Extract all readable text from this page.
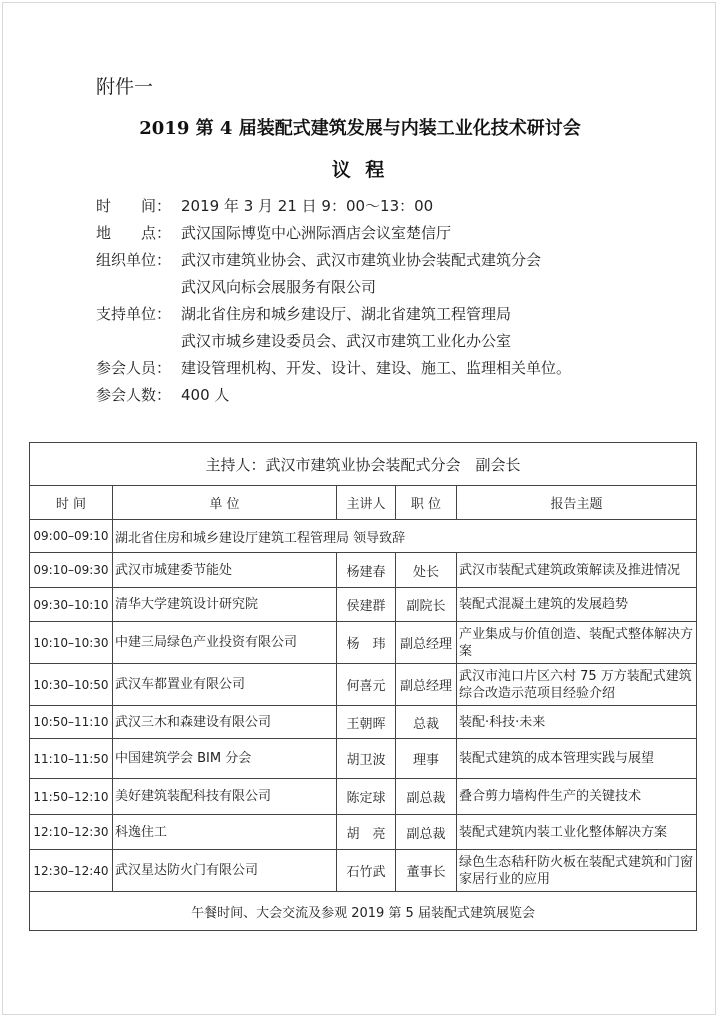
附件一
2019 第 4 届装配式建筑发展与内装工业化技术研讨会
议 程
时　　间： 2019 年 3 月 21 日 9：00～13：00
地　　点： 武汉国际博览中心洲际酒店会议室楚信厅
组织单位： 武汉市建筑业协会、武汉市建筑业协会装配式建筑分会
武汉风向标会展服务有限公司
支持单位： 湖北省住房和城乡建设厅、湖北省建筑工程管理局
武汉市城乡建设委员会、武汉市建筑工业化办公室
参会人员： 建设管理机构、开发、设计、建设、施工、监理相关单位。
参会人数： 400 人
主持人：武汉市建筑业协会装配式分会　副会长				
时 间	单 位	主讲人	职 位	报告主题
09:00–09:10	湖北省住房和城乡建设厅建筑工程管理局 领导致辞			
09:10–09:30	武汉市城建委节能处	杨建春	处长	武汉市装配式建筑政策解读及推进情况
09:30–10:10	清华大学建筑设计研究院	侯建群	副院长	装配式混凝土建筑的发展趋势
10:10–10:30	中建三局绿色产业投资有限公司	杨　玮	副总经理	产业集成与价值创造、装配式整体解决方案
10:30–10:50	武汉车都置业有限公司	何喜元	副总经理	武汉市沌口片区六村 75 万方装配式建筑综合改造示范项目经验介绍
10:50–11:10	武汉三木和森建设有限公司	王朝晖	总裁	装配·科技·未来
11:10–11:50	中国建筑学会 BIM 分会	胡卫波	理事	装配式建筑的成本管理实践与展望
11:50–12:10	美好建筑装配科技有限公司	陈定球	副总裁	叠合剪力墙构件生产的关键技术
12:10–12:30	科逸住工	胡　亮	副总裁	装配式建筑内装工业化整体解决方案
12:30–12:40	武汉星达防火门有限公司	石竹武	董事长	绿色生态秸秆防火板在装配式建筑和门窗家居行业的应用
午餐时间、大会交流及参观 2019 第 5 届装配式建筑展览会				
